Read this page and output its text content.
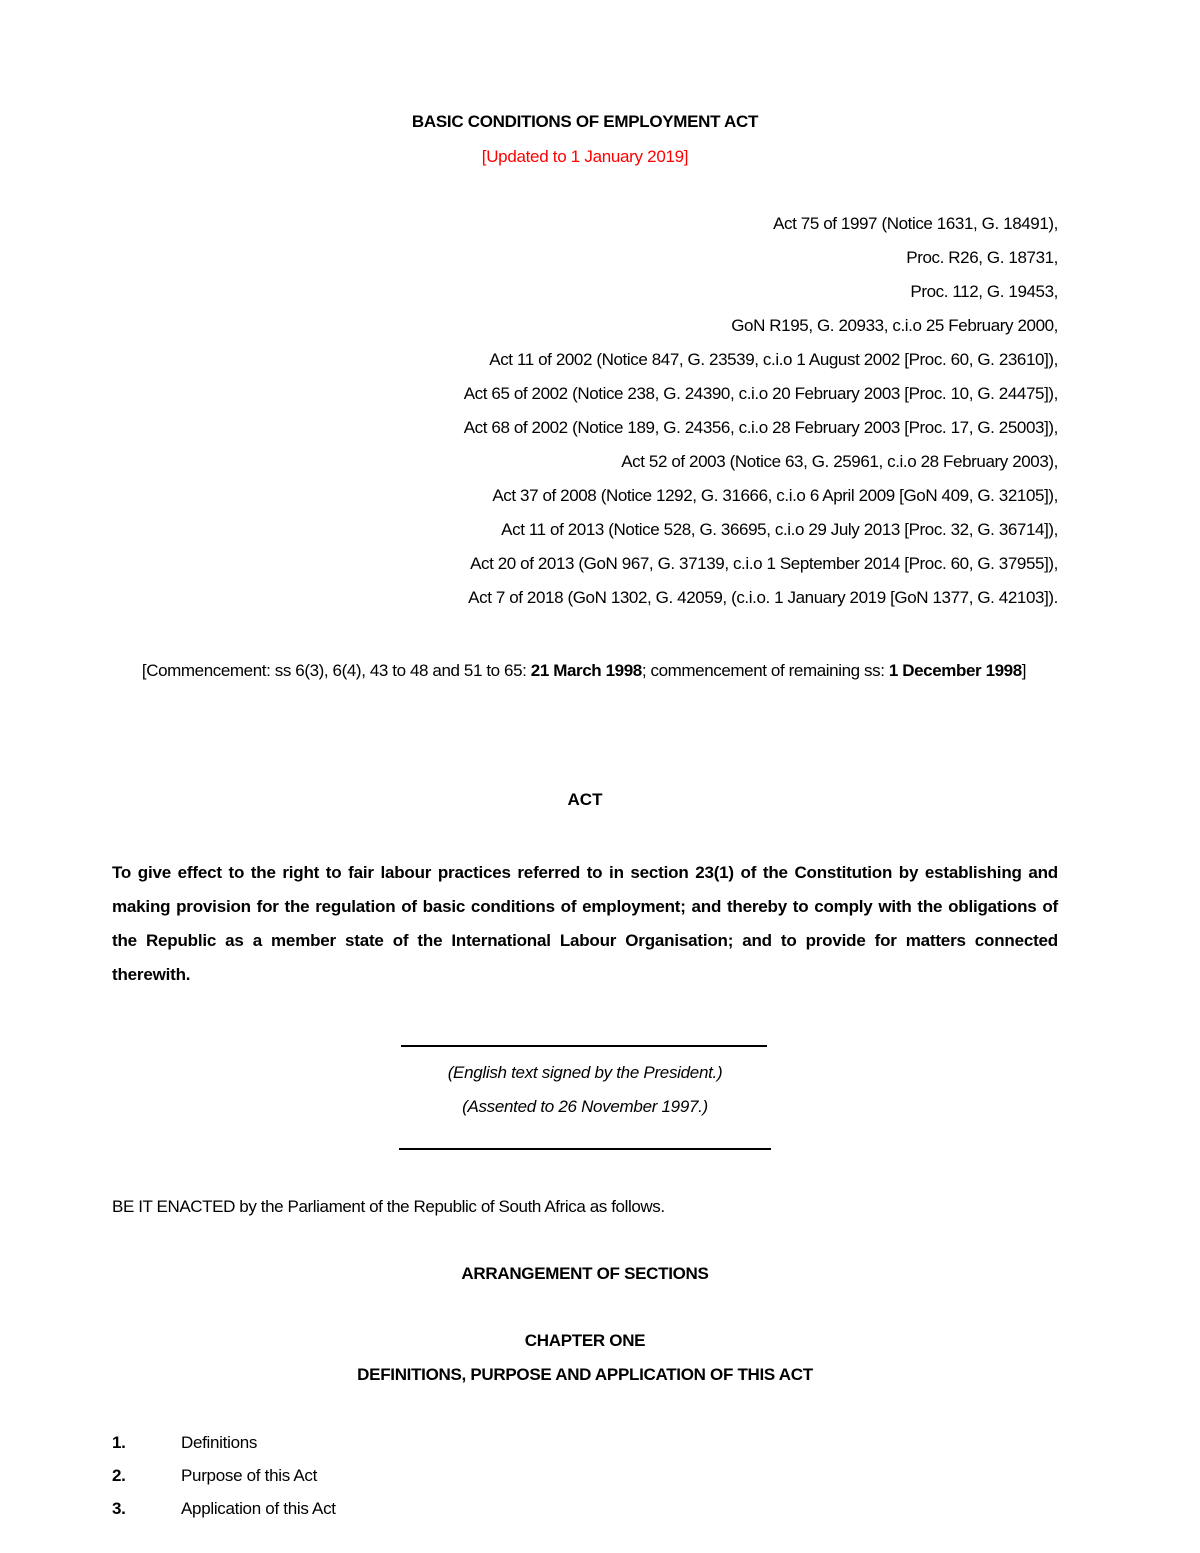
BASIC CONDITIONS OF EMPLOYMENT ACT
[Updated to 1 January 2019]
Act 75 of 1997 (Notice 1631, G. 18491),
Proc. R26, G. 18731,
Proc. 112, G. 19453,
GoN R195, G. 20933, c.i.o 25 February 2000,
Act 11 of 2002 (Notice 847, G. 23539, c.i.o 1 August 2002 [Proc. 60, G. 23610]),
Act 65 of 2002 (Notice 238, G. 24390, c.i.o 20 February 2003 [Proc. 10, G. 24475]),
Act 68 of 2002 (Notice 189, G. 24356, c.i.o 28 February 2003 [Proc. 17, G. 25003]),
Act 52 of 2003 (Notice 63, G. 25961, c.i.o 28 February 2003),
Act 37 of 2008 (Notice 1292, G. 31666, c.i.o 6 April 2009 [GoN 409, G. 32105]),
Act 11 of 2013 (Notice 528, G. 36695, c.i.o 29 July 2013 [Proc. 32, G. 36714]),
Act 20 of 2013 (GoN 967, G. 37139, c.i.o 1 September 2014 [Proc. 60, G. 37955]),
Act 7 of 2018 (GoN 1302, G. 42059, (c.i.o. 1 January 2019 [GoN 1377, G. 42103]).
[Commencement: ss 6(3), 6(4), 43 to 48 and 51 to 65: 21 March 1998; commencement of remaining ss: 1 December 1998]
ACT
To give effect to the right to fair labour practices referred to in section 23(1) of the Constitution by establishing and making provision for the regulation of basic conditions of employment; and thereby to comply with the obligations of the Republic as a member state of the International Labour Organisation; and to provide for matters connected therewith.
(English text signed by the President.)
(Assented to 26 November 1997.)
BE IT ENACTED by the Parliament of the Republic of South Africa as follows.
ARRANGEMENT OF SECTIONS
CHAPTER ONE
DEFINITIONS, PURPOSE AND APPLICATION OF THIS ACT
1.	Definitions
2.	Purpose of this Act
3.	Application of this Act
